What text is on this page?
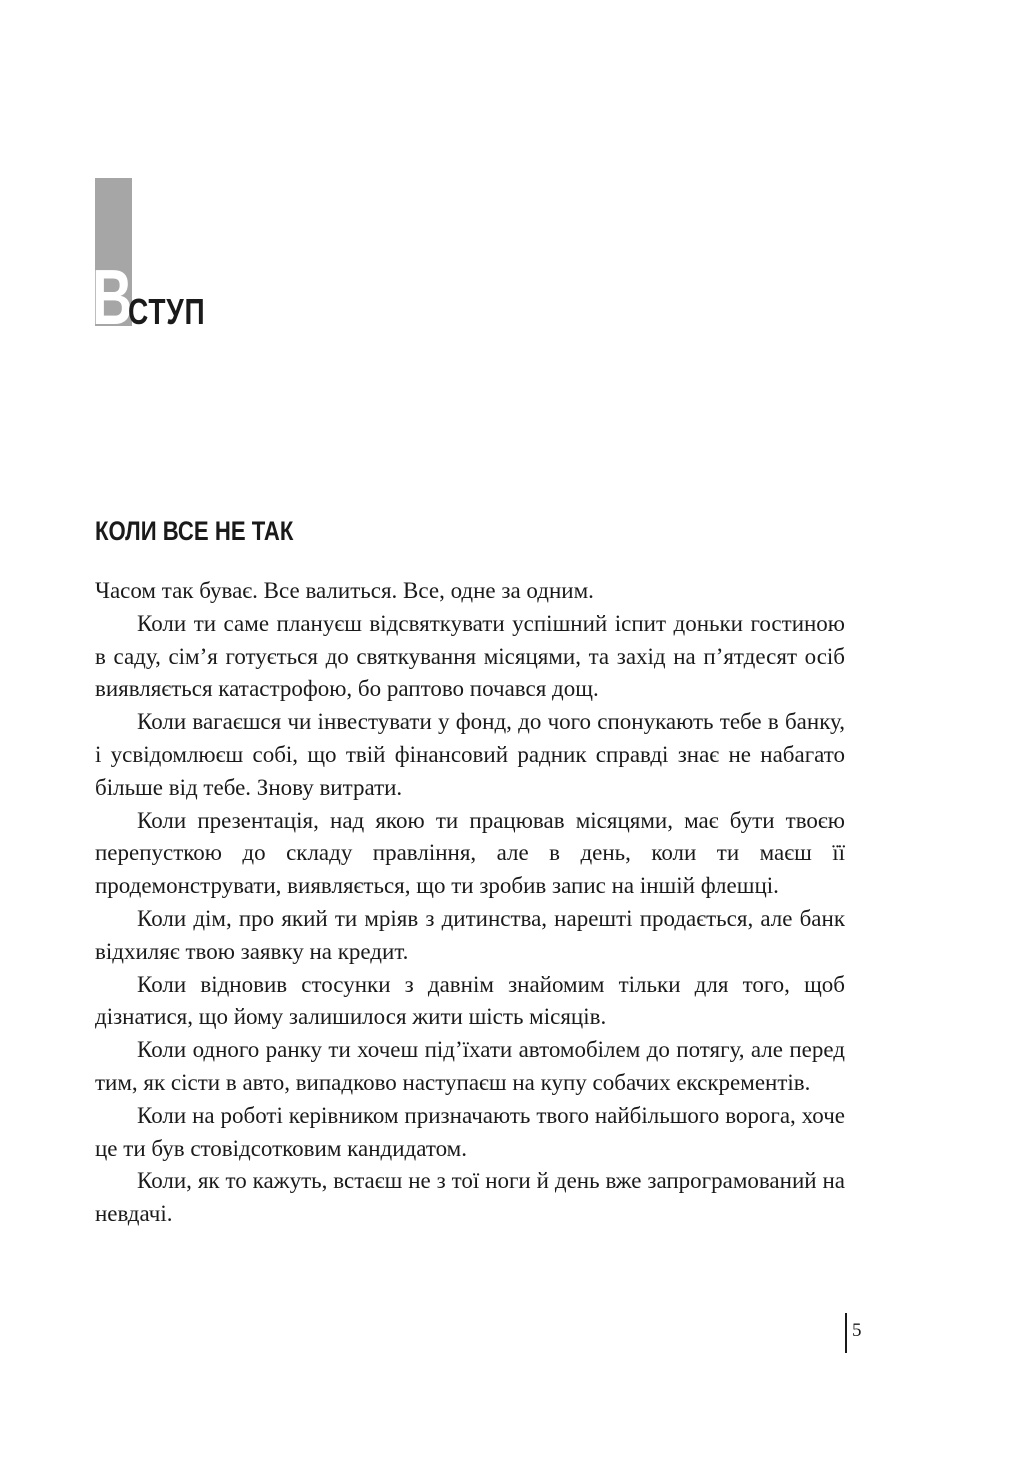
В
СТУП
КОЛИ ВСЕ НЕ ТАК

Часом так буває. Все валиться. Все, одне за одним.

Коли ти саме плануєш відсвяткувати успішний іспит доньки гостиною в саду, сім’я готується до святкування місяцями, та захід на п’ятдесят осіб виявляється катастрофою, бо раптово почався дощ.

Коли вагаєшся чи інвестувати у фонд, до чого спонукають тебе в банку, і усвідомлюєш собі, що твій фінансовий радник справді знає не набагато більше від тебе. Знову витрати.

Коли презентація, над якою ти працював місяцями, має бути твоєю перепусткою до складу правління, але в день, коли ти маєш її продемонструвати, виявляється, що ти зробив запис на іншій флешці.

Коли дім, про який ти мріяв з дитинства, нарешті продається, але банк відхиляє твою заявку на кредит.

Коли відновив стосунки з давнім знайомим тільки для того, щоб дізнатися, що йому залишилося жити шість місяців.

Коли одного ранку ти хочеш під’їхати автомобілем до потягу, але перед тим, як сісти в авто, випадково наступаєш на купу собачих екскрементів.

Коли на роботі керівником призначають твого найбільшого ворога, хоче це ти був стовідсотковим кандидатом.

Коли, як то кажуть, встаєш не з тої ноги й день вже запрограмований на невдачі.

5
